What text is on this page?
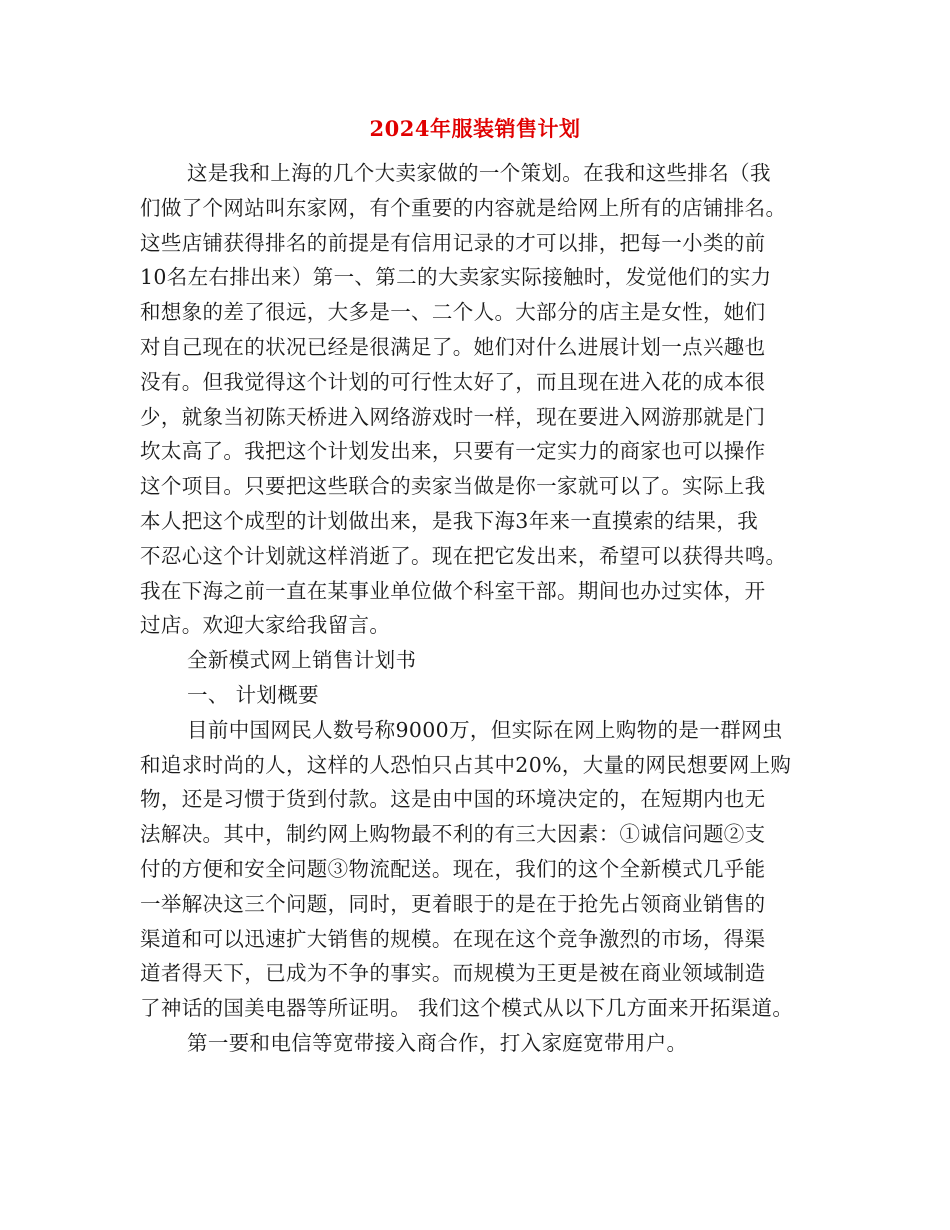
2024年服装销售计划
这是我和上海的几个大卖家做的一个策划。在我和这些排名（我
们做了个网站叫东家网，有个重要的内容就是给网上所有的店铺排名。
这些店铺获得排名的前提是有信用记录的才可以排，把每一小类的前
10名左右排出来）第一、第二的大卖家实际接触时，发觉他们的实力
和想象的差了很远，大多是一、二个人。大部分的店主是女性，她们
对自己现在的状况已经是很满足了。她们对什么进展计划一点兴趣也
没有。但我觉得这个计划的可行性太好了，而且现在进入花的成本很
少，就象当初陈天桥进入网络游戏时一样，现在要进入网游那就是门
坎太高了。我把这个计划发出来，只要有一定实力的商家也可以操作
这个项目。只要把这些联合的卖家当做是你一家就可以了。实际上我
本人把这个成型的计划做出来，是我下海3年来一直摸索的结果，我
不忍心这个计划就这样消逝了。现在把它发出来，希望可以获得共鸣。
我在下海之前一直在某事业单位做个科室干部。期间也办过实体，开
过店。欢迎大家给我留言。
全新模式网上销售计划书
一、 计划概要
目前中国网民人数号称9000万，但实际在网上购物的是一群网虫
和追求时尚的人，这样的人恐怕只占其中20%，大量的网民想要网上购
物，还是习惯于货到付款。这是由中国的环境决定的，在短期内也无
法解决。其中，制约网上购物最不利的有三大因素：①诚信问题②支
付的方便和安全问题③物流配送。现在，我们的这个全新模式几乎能
一举解决这三个问题，同时，更着眼于的是在于抢先占领商业销售的
渠道和可以迅速扩大销售的规模。在现在这个竞争激烈的市场，得渠
道者得天下，已成为不争的事实。而规模为王更是被在商业领域制造
了神话的国美电器等所证明。 我们这个模式从以下几方面来开拓渠道。
第一要和电信等宽带接入商合作，打入家庭宽带用户。
